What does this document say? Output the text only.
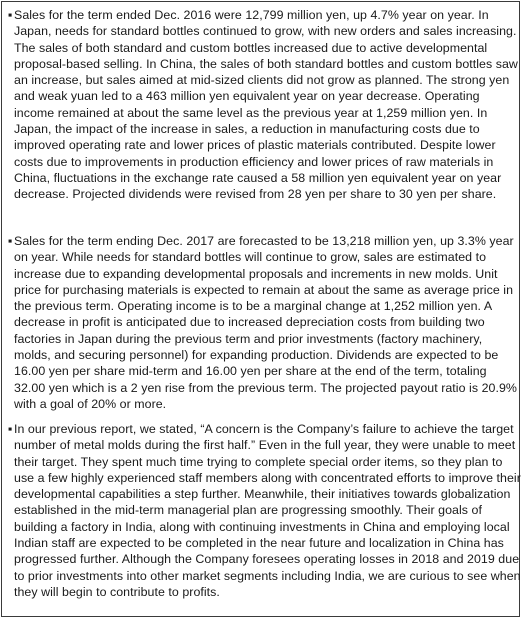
▪ Sales for the term ended Dec. 2016 were 12,799 million yen, up 4.7% year on year. In Japan, needs for standard bottles continued to grow, with new orders and sales increasing. The sales of both standard and custom bottles increased due to active developmental proposal-based selling. In China, the sales of both standard bottles and custom bottles saw an increase, but sales aimed at mid-sized clients did not grow as planned. The strong yen and weak yuan led to a 463 million yen equivalent year on year decrease. Operating income remained at about the same level as the previous year at 1,259 million yen. In Japan, the impact of the increase in sales, a reduction in manufacturing costs due to improved operating rate and lower prices of plastic materials contributed. Despite lower costs due to improvements in production efficiency and lower prices of raw materials in China, fluctuations in the exchange rate caused a 58 million yen equivalent year on year decrease. Projected dividends were revised from 28 yen per share to 30 yen per share.

▪ Sales for the term ending Dec. 2017 are forecasted to be 13,218 million yen, up 3.3% year on year. While needs for standard bottles will continue to grow, sales are estimated to increase due to expanding developmental proposals and increments in new molds. Unit price for purchasing materials is expected to remain at about the same as average price in the previous term. Operating income is to be a marginal change at 1,252 million yen. A decrease in profit is anticipated due to increased depreciation costs from building two factories in Japan during the previous term and prior investments (factory machinery, molds, and securing personnel) for expanding production. Dividends are expected to be 16.00 yen per share mid-term and 16.00 yen per share at the end of the term, totaling 32.00 yen which is a 2 yen rise from the previous term. The projected payout ratio is 20.9% with a goal of 20% or more.

▪ In our previous report, we stated, “A concern is the Company’s failure to achieve the target number of metal molds during the first half.” Even in the full year, they were unable to meet their target. They spent much time trying to complete special order items, so they plan to use a few highly experienced staff members along with concentrated efforts to improve their developmental capabilities a step further. Meanwhile, their initiatives towards globalization established in the mid-term managerial plan are progressing smoothly. Their goals of building a factory in India, along with continuing investments in China and employing local Indian staff are expected to be completed in the near future and localization in China has progressed further. Although the Company foresees operating losses in 2018 and 2019 due to prior investments into other market segments including India, we are curious to see when they will begin to contribute to profits.
